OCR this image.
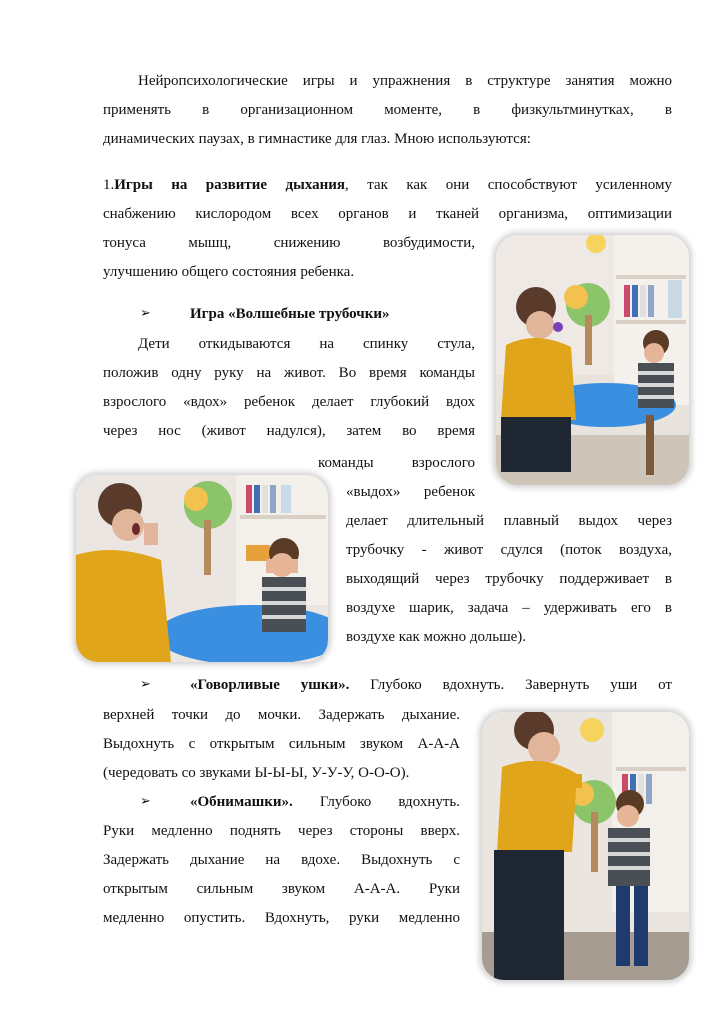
Нейропсихологические игры и упражнения в структуре занятия можно
применять в организационном моменте, в физкультминутках, в
динамических паузах, в гимнастике для глаз. Мною используются:
1.Игры на развитие дыхания, так как они способствуют усиленному
снабжению кислородом всех органов и тканей организма, оптимизации
тонуса мышц, снижению возбудимости,
улучшению общего состояния ребенка.
➢	Игра «Волшебные трубочки»
Дети откидываются на спинку стула,
положив одну руку на живот. Во время команды
взрослого «вдох» ребенок делает глубокий вдох
через нос (живот надулся), затем во время
команды взрослого
«выдох» ребенок
делает длительный плавный выдох через
трубочку - живот сдулся (поток воздуха,
выходящий через трубочку поддерживает в
воздухе шарик, задача – удерживать его в
воздухе как можно дольше).
➢	«Говорливые ушки». Глубоко вдохнуть. Завернуть уши от
верхней точки до мочки. Задержать дыхание.
Выдохнуть с открытым сильным звуком А-А-А
(чередовать со звуками Ы-Ы-Ы, У-У-У, О-О-О).
➢	«Обнимашки». Глубоко вдохнуть.
Руки медленно поднять через стороны вверх.
Задержать дыхание на вдохе. Выдохнуть с
открытым сильным звуком А-А-А. Руки
медленно опустить. Вдохнуть, руки медленно
